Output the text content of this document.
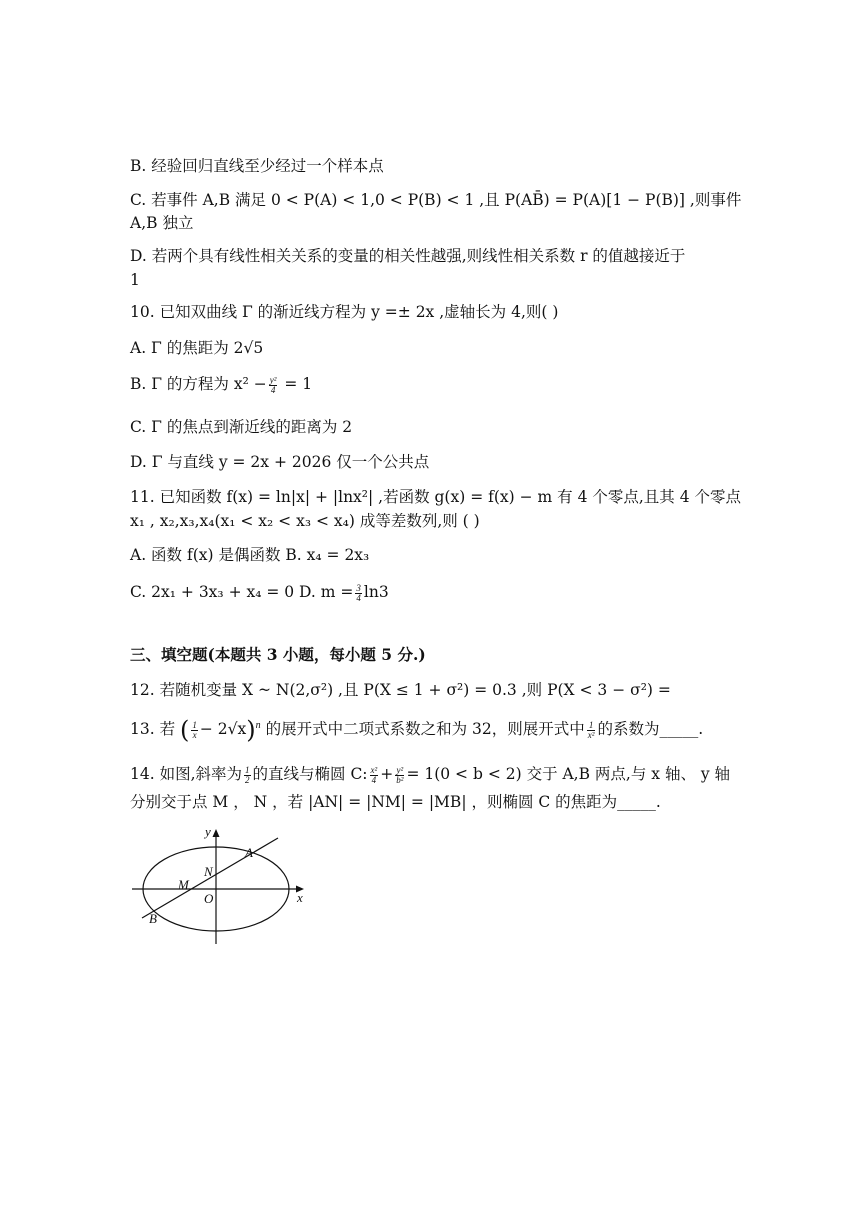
B. 经验回归直线至少经过一个样本点
C. 若事件 A,B 满足 0 < P(A) < 1,0 < P(B) < 1 ,且 P(AB̄) = P(A)[1 − P(B)] ,则事件
A,B 独立
D. 若两个具有线性相关关系的变量的相关性越强,则线性相关系数 r 的值越接近于
1
10. 已知双曲线 Γ 的渐近线方程为 y =± 2x ,虚轴长为 4,则( )
A. Γ 的焦距为 2√5
B. Γ 的方程为 $x^2 - \frac{\text{y²}}{4} = 1$
C. Γ 的焦点到渐近线的距离为 2
D. Γ 与直线 y = 2x + 2026 仅一个公共点
11. 已知函数 f(x) = ln|x| + |lnx²| ,若函数 g(x) = f(x) − m 有 4 个零点,且其 4 个零点
x₁ , x₂,x₃,x₄(x₁ < x₂ < x₃ < x₄) 成等差数列,则 ( )
A. 函数 f(x) 是偶函数 B. x₄ = 2x₃
C. 2x₁ + 3x₃ + x₄ = 0 D. $m = \frac{3}{4} \ln 3$
三、填空题(本题共 3 小题，每小题 5 分.)
12. 若随机变量 X ~ N(2,σ²) ,且 P(X ≤ 1 + σ²) = 0.3 ,则 P(X < 3 − σ²) =
13. 若 ( $\frac{1}{x} - 2√x)^n$ 的展开式中二项式系数之和为 32，则展开式中 $\frac{1}{\text{x²}}$ 的系数为_____.
14. 如图,斜率为 $\frac{1}{2}$ 的直线与椭圆 C: $\frac{\text{x²}}{4} + \frac{\text{y²}}{\text{b²}} = 1(0 < b < 2)$ 交于 A,B 两点,与 x 轴、 y 轴
分别交于点 M ， N ，若 |AN| = |NM| = |MB| ，则椭圆 C 的焦距为_____.
y
x
A
N
M
O
B
